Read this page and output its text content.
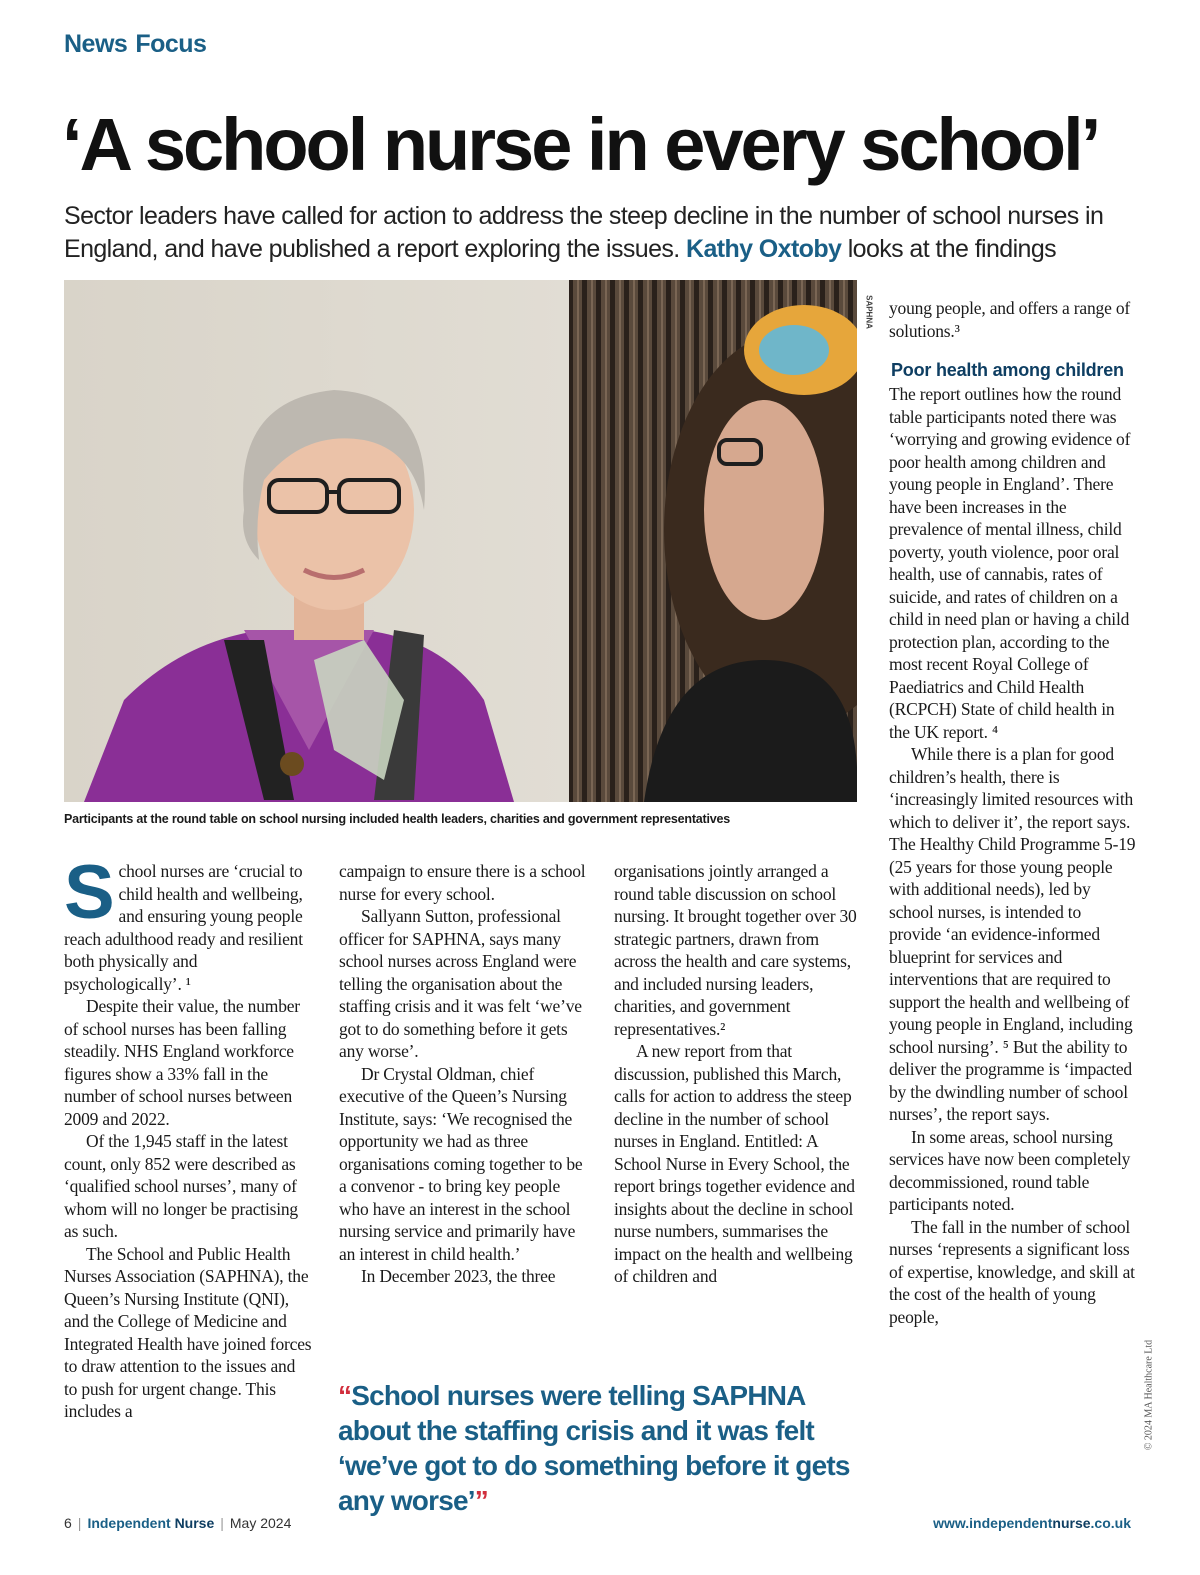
News Focus
‘A school nurse in every school’
Sector leaders have called for action to address the steep decline in the number of school nurses in England, and have published a report exploring the issues. Kathy Oxtoby looks at the findings
SAPHNA
Participants at the round table on school nursing included health leaders, charities and government representatives

School nurses are ‘crucial to child health and wellbeing, and ensuring young people reach adulthood ready and resilient both physically and psychologically’. ¹

Despite their value, the number of school nurses has been falling steadily. NHS England workforce figures show a 33% fall in the number of school nurses between 2009 and 2022.

Of the 1,945 staff in the latest count, only 852 were described as ‘qualified school nurses’, many of whom will no longer be practising as such.

The School and Public Health Nurses Association (SAPHNA), the Queen’s Nursing Institute (QNI), and the College of Medicine and Integrated Health have joined forces to draw attention to the issues and to push for urgent change. This includes a

campaign to ensure there is a school nurse for every school.

Sallyann Sutton, professional officer for SAPHNA, says many school nurses across England were telling the organisation about the staffing crisis and it was felt ‘we’ve got to do something before it gets any worse’.

Dr Crystal Oldman, chief executive of the Queen’s Nursing Institute, says: ‘We recognised the opportunity we had as three organisations coming together to be a convenor - to bring key people who have an interest in the school nursing service and primarily have an interest in child health.’

In December 2023, the three

organisations jointly arranged a round table discussion on school nursing. It brought together over 30 strategic partners, drawn from across the health and care systems, and included nursing leaders, charities, and government representatives.²

A new report from that discussion, published this March, calls for action to address the steep decline in the number of school nurses in England. Entitled: A School Nurse in Every School, the report brings together evidence and insights about the decline in school nurse numbers, summarises the impact on the health and wellbeing of children and

young people, and offers a range of solutions.³

Poor health among children

The report outlines how the round table participants noted there was ‘worrying and growing evidence of poor health among children and young people in England’. There have been increases in the prevalence of mental illness, child poverty, youth violence, poor oral health, use of cannabis, rates of suicide, and rates of children on a child in need plan or having a child protection plan, according to the most recent Royal College of Paediatrics and Child Health (RCPCH) State of child health in the UK report. ⁴

While there is a plan for good children’s health, there is ‘increasingly limited resources with which to deliver it’, the report says. The Healthy Child Programme 5-19 (25 years for those young people with additional needs), led by school nurses, is intended to provide ‘an evidence-informed blueprint for services and interventions that are required to support the health and wellbeing of young people in England, including school nursing’. ⁵ But the ability to deliver the programme is ‘impacted by the dwindling number of school nurses’, the report says.

In some areas, school nursing services have now been completely decommissioned, round table participants noted.

The fall in the number of school nurses ‘represents a significant loss of expertise, knowledge, and skill at the cost of the health of young people,

“School nurses were telling SAPHNA about the staffing crisis and it was felt ‘we’ve got to do something before it gets any worse’”
© 2024 MA Healthcare Ltd
6 | Independent Nurse | May 2024	www.independentnurse.co.uk
